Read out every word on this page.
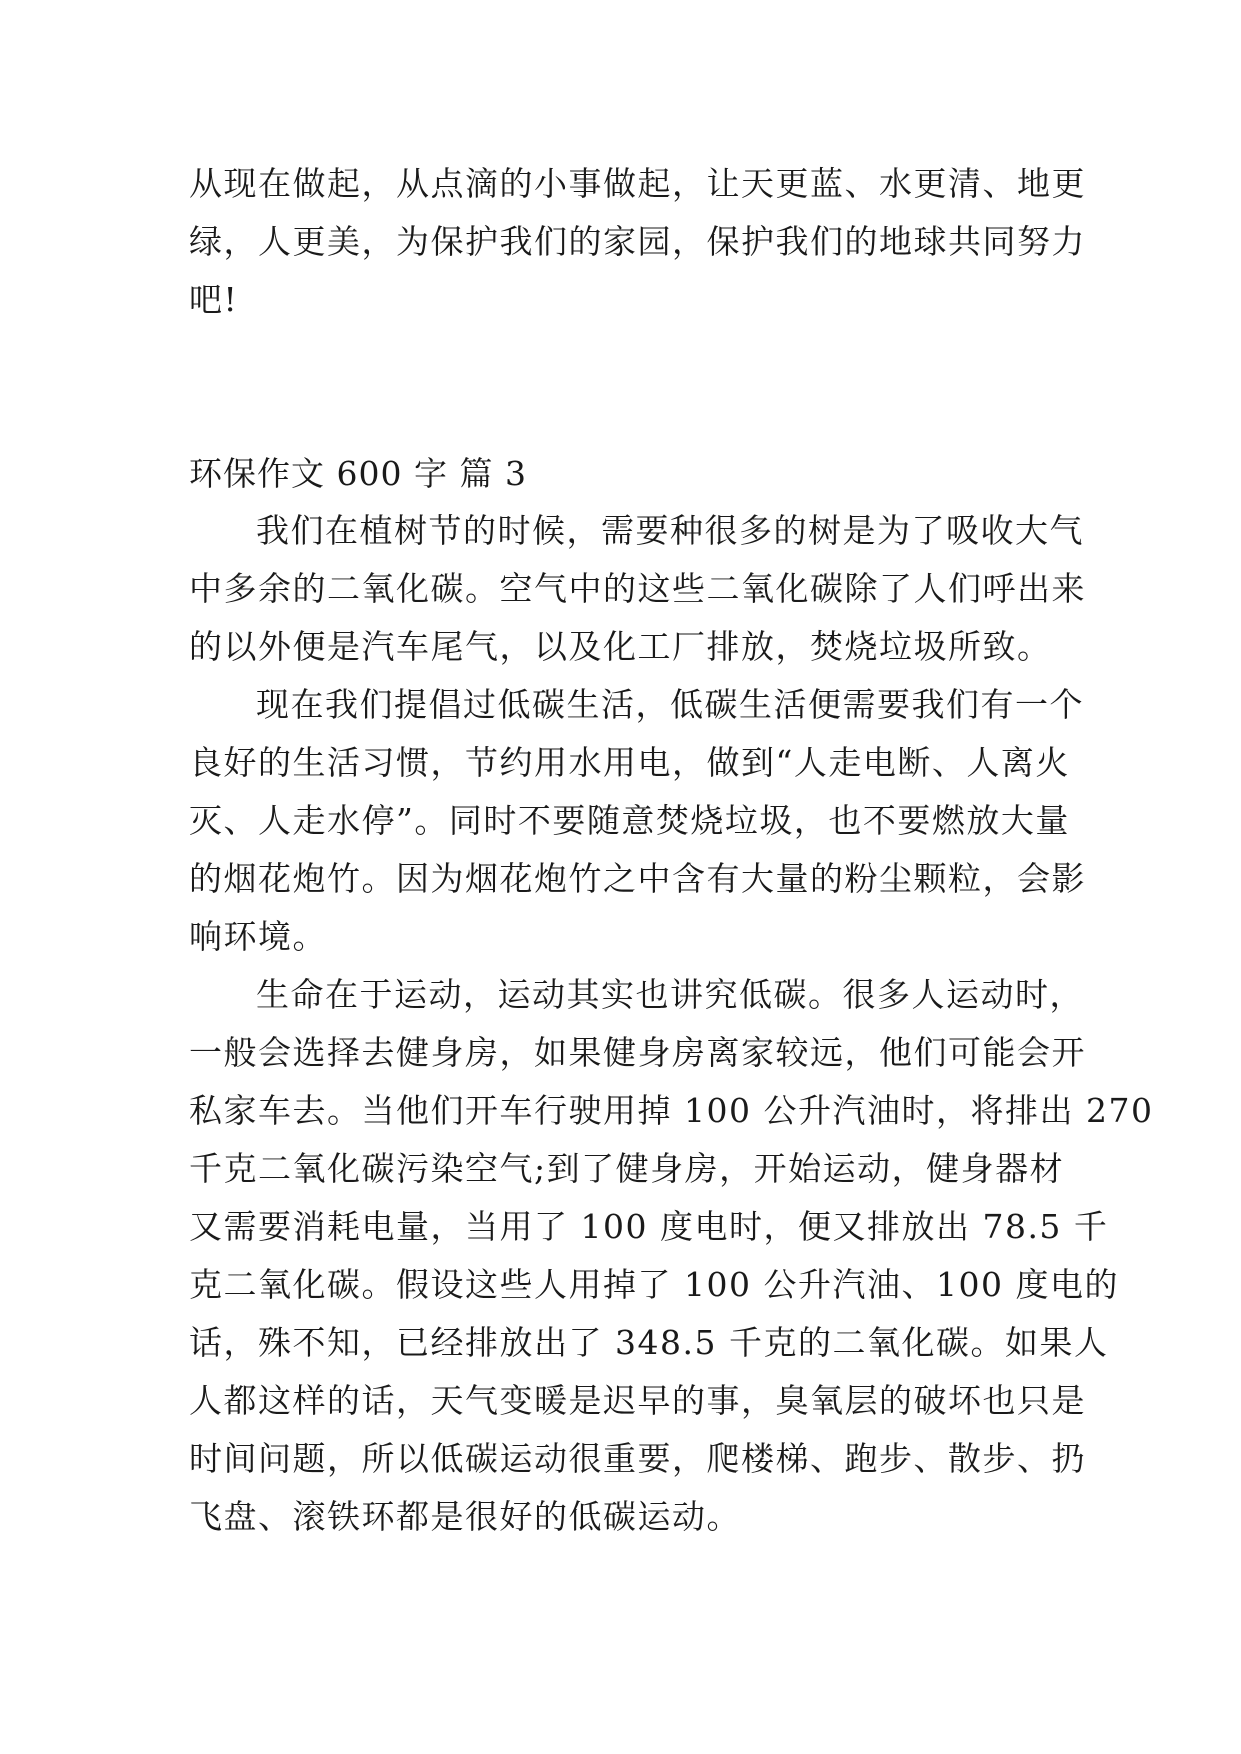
从现在做起，从点滴的小事做起，让天更蓝、水更清、地更
绿，人更美，为保护我们的家园，保护我们的地球共同努力
吧!
环保作文 600 字 篇 3
我们在植树节的时候，需要种很多的树是为了吸收大气
中多余的二氧化碳。空气中的这些二氧化碳除了人们呼出来
的以外便是汽车尾气，以及化工厂排放，焚烧垃圾所致。
现在我们提倡过低碳生活，低碳生活便需要我们有一个
良好的生活习惯，节约用水用电，做到“人走电断、人离火
灭、人走水停”。同时不要随意焚烧垃圾，也不要燃放大量
的烟花炮竹。因为烟花炮竹之中含有大量的粉尘颗粒，会影
响环境。
生命在于运动，运动其实也讲究低碳。很多人运动时，
一般会选择去健身房，如果健身房离家较远，他们可能会开
私家车去。当他们开车行驶用掉 100 公升汽油时，将排出 270
千克二氧化碳污染空气;到了健身房，开始运动，健身器材
又需要消耗电量，当用了 100 度电时，便又排放出 78.5 千
克二氧化碳。假设这些人用掉了 100 公升汽油、100 度电的
话，殊不知，已经排放出了 348.5 千克的二氧化碳。如果人
人都这样的话，天气变暖是迟早的事，臭氧层的破坏也只是
时间问题，所以低碳运动很重要，爬楼梯、跑步、散步、扔
飞盘、滚铁环都是很好的低碳运动。
